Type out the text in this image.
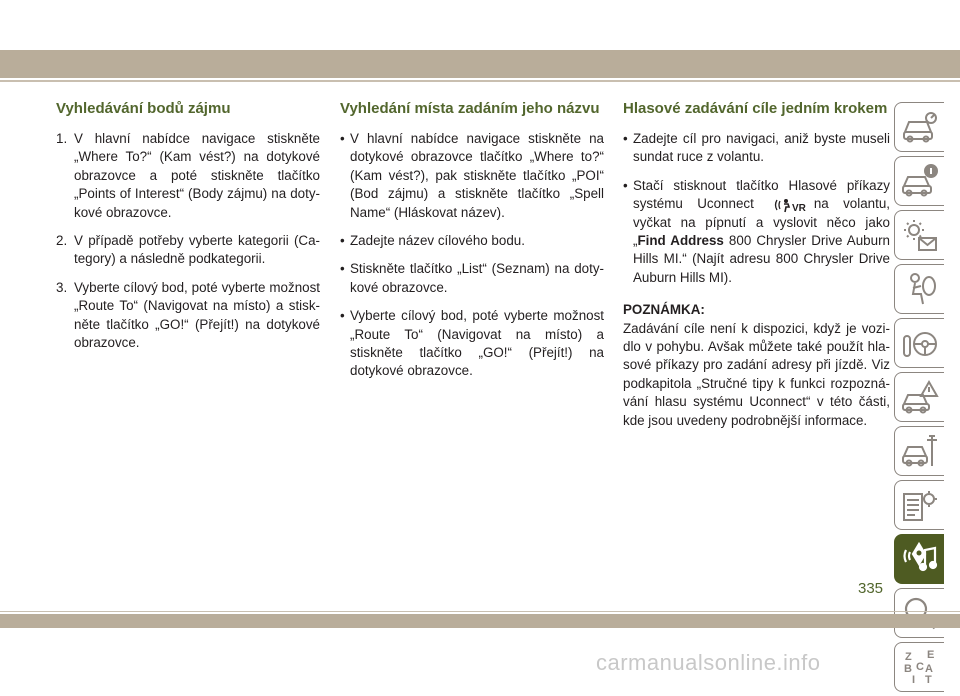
Vyhledávání bodů zájmu
1. V hlavní nabídce navigace stiskněte „Where To?“ (Kam vést?) na dotykové obrazovce a poté stiskněte tlačítko „Points of Interest“ (Body zájmu) na dotykové obrazovce.
2. V případě potřeby vyberte kategorii (Category) a následně podkategorii.
3. Vyberte cílový bod, poté vyberte možnost „Route To“ (Navigovat na místo) a stiskněte tlačítko „GO!“ (Přejít!) na dotykové obrazovce.
Vyhledání místa zadáním jeho názvu
• V hlavní nabídce navigace stiskněte na dotykové obrazovce tlačítko „Where to?“ (Kam vést?), pak stiskněte tlačítko „POI“ (Bod zájmu) a stiskněte tlačítko „Spell Name“ (Hláskovat název).
• Zadejte název cílového bodu.
• Stiskněte tlačítko „List“ (Seznam) na dotykové obrazovce.
• Vyberte cílový bod, poté vyberte možnost „Route To“ (Navigovat na místo) a stiskněte tlačítko „GO!“ (Přejít!) na dotykové obrazovce.
Hlasové zadávání cíle jedním krokem
• Zadejte cíl pro navigaci, aniž byste museli sundat ruce z volantu.
• Stačí stisknout tlačítko Hlasové příkazy systému Uconnect	VR na volantu, vyčkat na pípnutí a vyslovit něco jako „Find Address 800 Chrysler Drive Auburn Hills MI.“ (Najít adresu 800 Chrysler Drive Auburn Hills MI).
POZNÁMKA:
Zadávání cíle není k dispozici, když je vozidlo v pohybu. Avšak můžete také použít hlasové příkazy pro zadání adresy při jízdě. Viz podkapitola „Stručné tipy k funkci rozpoznávání hlasu systému Uconnect“ v této části, kde jsou uvedeny podrobnější informace.
Z E
B A
C
T
I
335
carmanualsonline.info
